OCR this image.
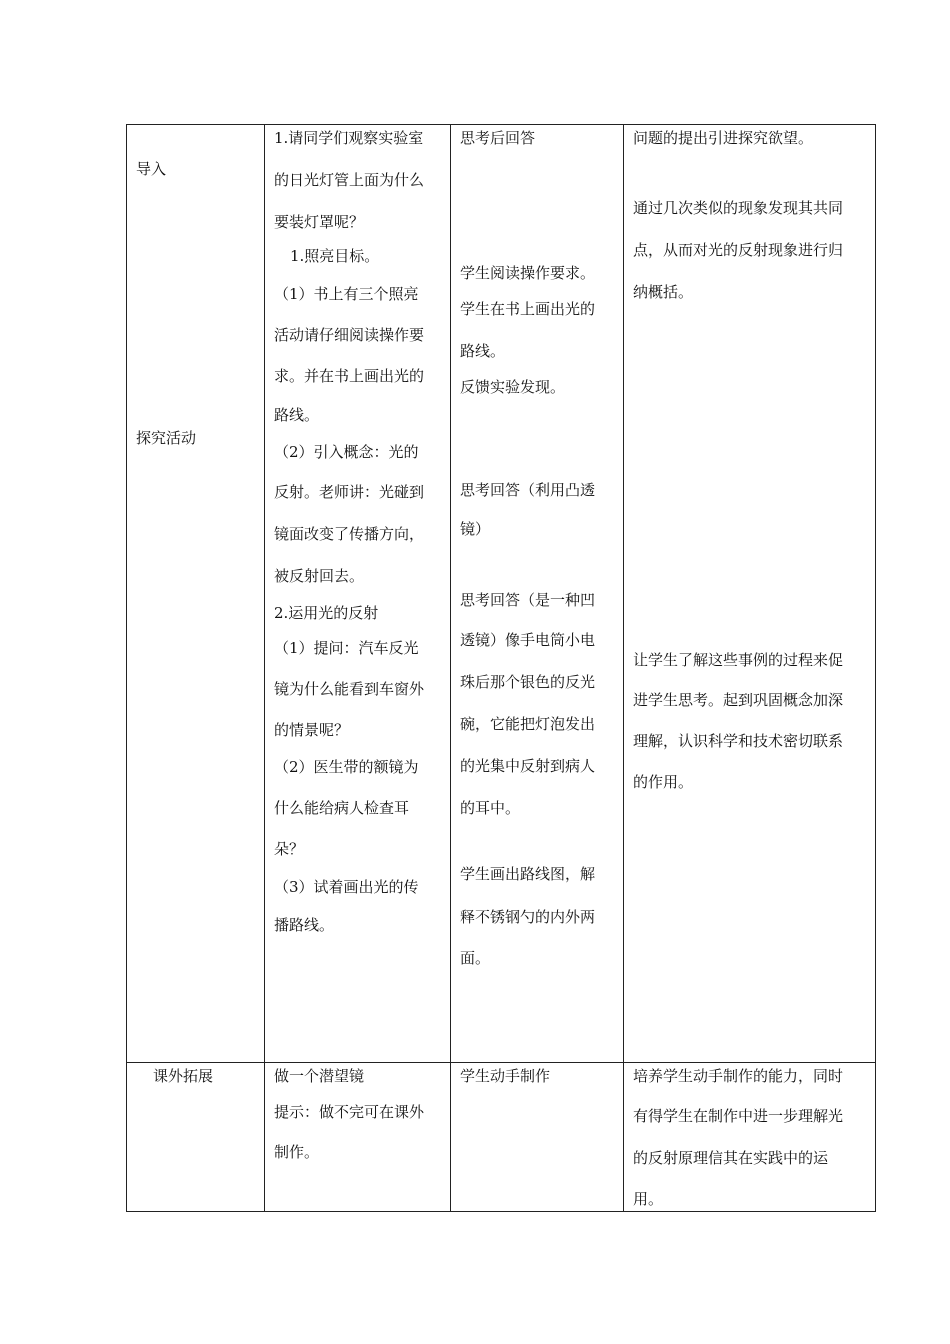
导入
探究活动
1.请同学们观察实验室
的日光灯管上面为什么
要装灯罩呢？
1.照亮目标。
（1）书上有三个照亮
活动请仔细阅读操作要
求。并在书上画出光的
路线。
（2）引入概念：光的
反射。老师讲：光碰到
镜面改变了传播方向，
被反射回去。
2.运用光的反射
（1）提问：汽车反光
镜为什么能看到车窗外
的情景呢？
（2）医生带的额镜为
什么能给病人检查耳
朵？
（3）试着画出光的传
播路线。
思考后回答
学生阅读操作要求。
学生在书上画出光的
路线。
反馈实验发现。
思考回答（利用凸透
镜）
思考回答（是一种凹
透镜）像手电筒小电
珠后那个银色的反光
碗，它能把灯泡发出
的光集中反射到病人
的耳中。
学生画出路线图，解
释不锈钢勺的内外两
面。
问题的提出引进探究欲望。
通过几次类似的现象发现其共同
点，从而对光的反射现象进行归
纳概括。
让学生了解这些事例的过程来促
进学生思考。起到巩固概念加深
理解，认识科学和技术密切联系
的作用。
课外拓展	做一个潜望镜
提示：做不完可在课外
制作。
学生动手制作	培养学生动手制作的能力，同时
有得学生在制作中进一步理解光
的反射原理信其在实践中的运
用。
